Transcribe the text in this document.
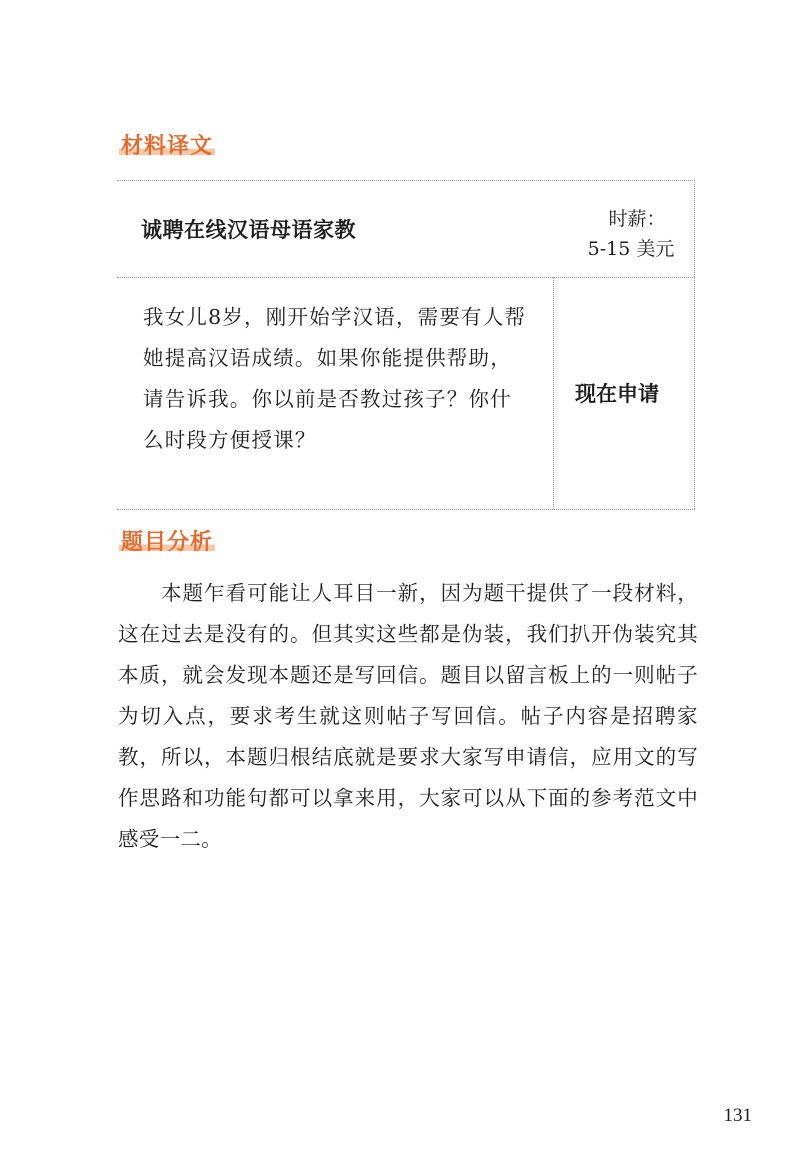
材料译文
诚聘在线汉语母语家教	时薪：
5-15 美元
我女儿8岁，刚开始学汉语，需要有人帮她提高汉语成绩。如果你能提供帮助，请告诉我。你以前是否教过孩子？你什么时段方便授课？
现在申请
题目分析

本题乍看可能让人耳目一新，因为题干提供了一段材料，这在过去是没有的。但其实这些都是伪装，我们扒开伪装究其本质，就会发现本题还是写回信。题目以留言板上的一则帖子为切入点，要求考生就这则帖子写回信。帖子内容是招聘家教，所以，本题归根结底就是要求大家写申请信，应用文的写作思路和功能句都可以拿来用，大家可以从下面的参考范文中感受一二。

131
